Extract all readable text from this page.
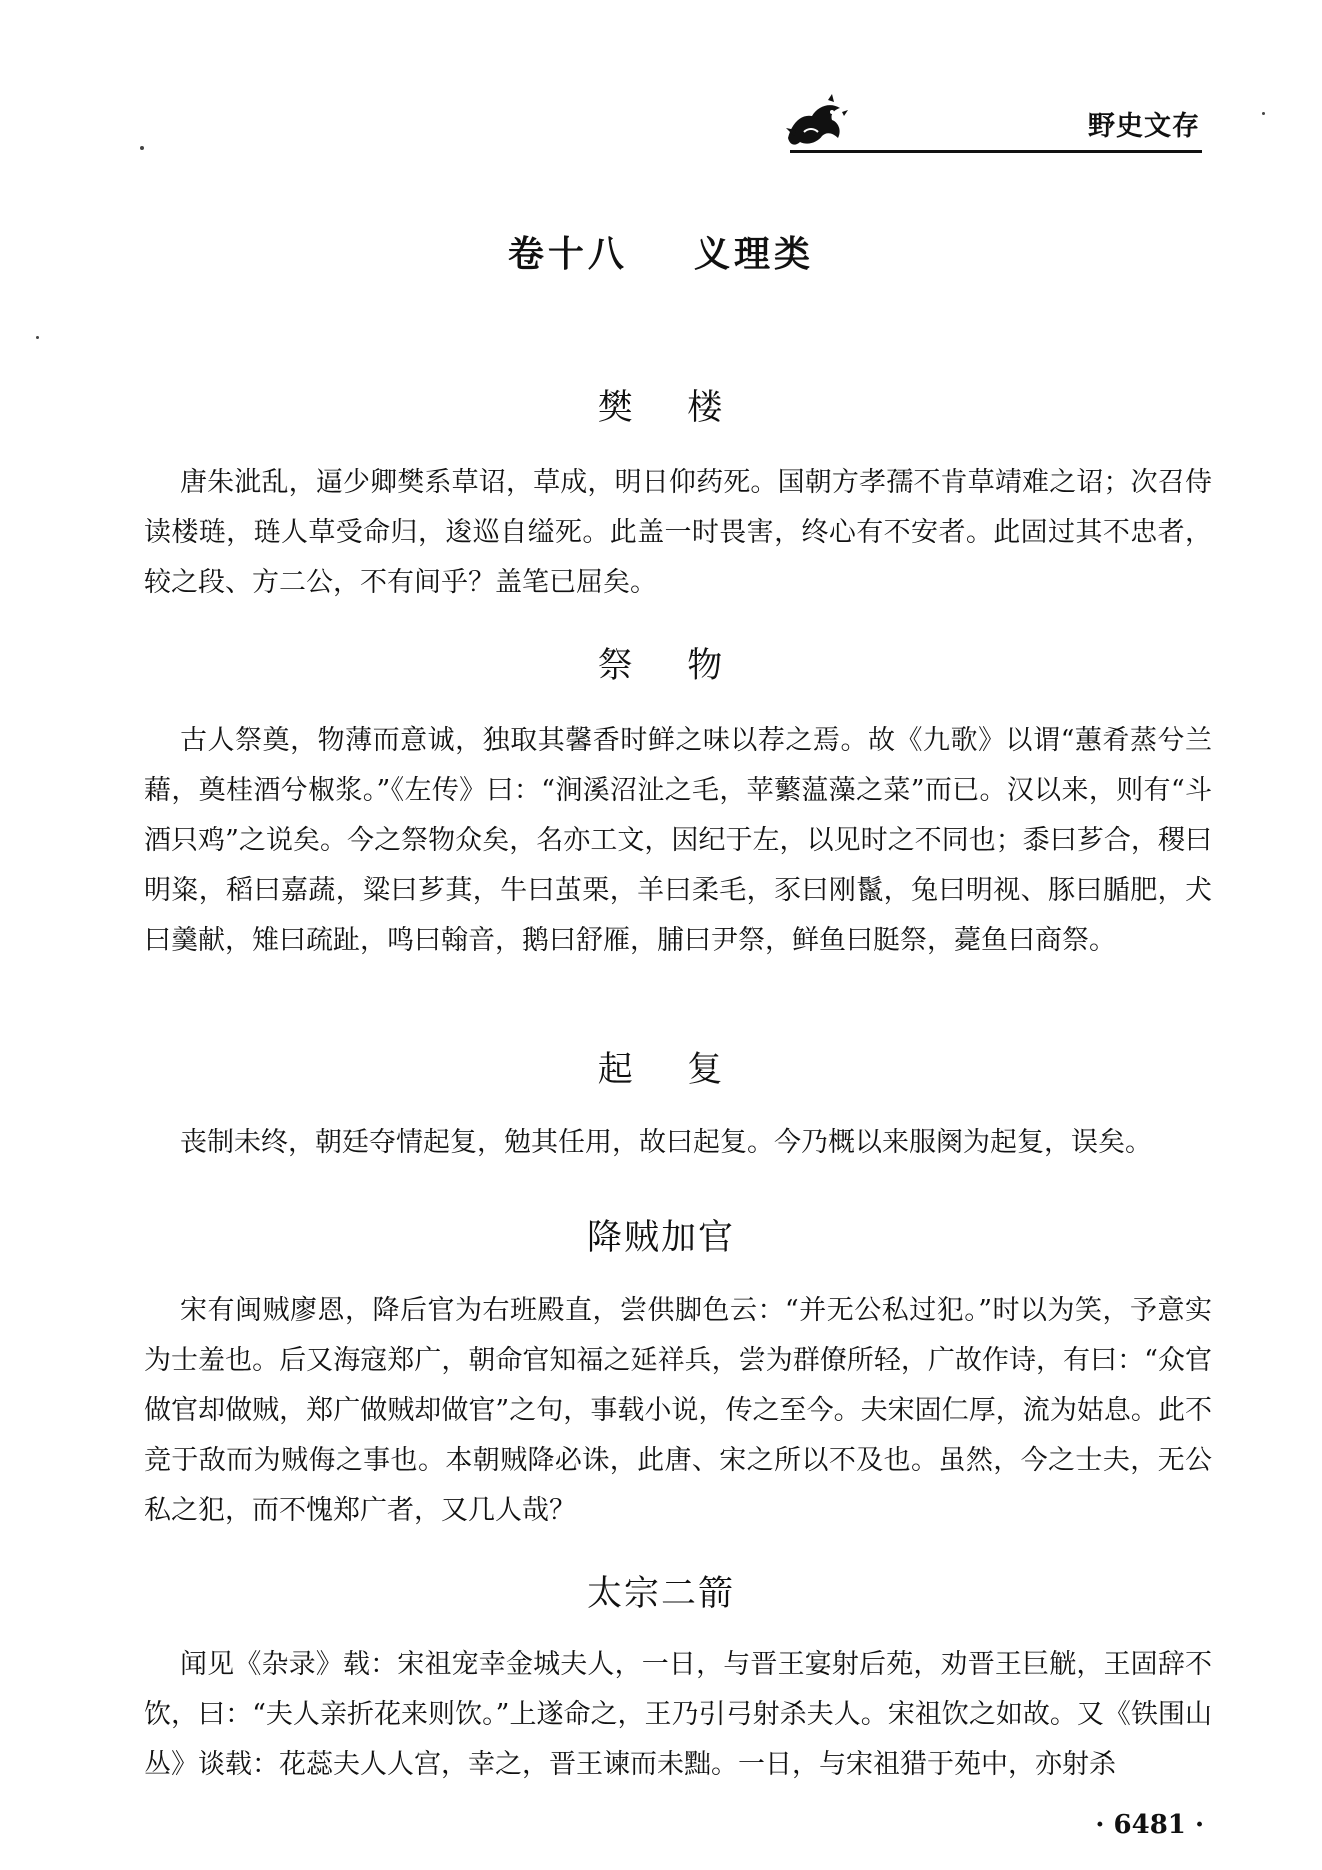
野史文存
卷十八    义理类
樊    楼

唐朱泚乱，逼少卿樊系草诏，草成，明日仰药死。国朝方孝孺不肯草靖难之诏；次召侍读楼琏，琏人草受命归，逡巡自缢死。此盖一时畏害，终心有不安者。此固过其不忠者，较之段、方二公，不有间乎？盖笔已屈矣。

祭    物

古人祭奠，物薄而意诚，独取其馨香时鲜之味以荐之焉。故《九歌》以谓“蕙肴蒸兮兰藉，奠桂酒兮椒浆。”《左传》曰：“涧溪沼沚之毛，苹蘩蕰藻之菜”而已。汉以来，则有“斗酒只鸡”之说矣。今之祭物众矣，名亦工文，因纪于左，以见时之不同也；黍曰芗合，稷曰明粢，稻曰嘉蔬，粱曰芗萁，牛曰茧栗，羊曰柔毛，豕曰刚鬣，兔曰明视、豚曰腯肥，犬曰羹献，雉曰疏趾，鸣曰翰音，鹅曰舒雁，脯曰尹祭，鲜鱼曰脡祭，薧鱼曰商祭。

起    复

丧制未终，朝廷夺情起复，勉其任用，故曰起复。今乃概以来服阕为起复，误矣。

降贼加官

宋有闽贼廖恩，降后官为右班殿直，尝供脚色云：“并无公私过犯。”时以为笑，予意实为士羞也。后又海寇郑广，朝命官知福之延祥兵，尝为群僚所轻，广故作诗，有曰：“众官做官却做贼，郑广做贼却做官”之句，事载小说，传之至今。夫宋固仁厚，流为姑息。此不竞于敌而为贼侮之事也。本朝贼降必诛，此唐、宋之所以不及也。虽然，今之士夫，无公私之犯，而不愧郑广者，又几人哉？

太宗二箭

闻见《杂录》载：宋祖宠幸金城夫人，一日，与晋王宴射后苑，劝晋王巨觥，王固辞不饮，曰：“夫人亲折花来则饮。”上遂命之，王乃引弓射杀夫人。宋祖饮之如故。又《铁围山丛》谈载：花蕊夫人人宫，幸之，晋王谏而未黜。一日，与宋祖猎于苑中，亦射杀

· 6481 ·
